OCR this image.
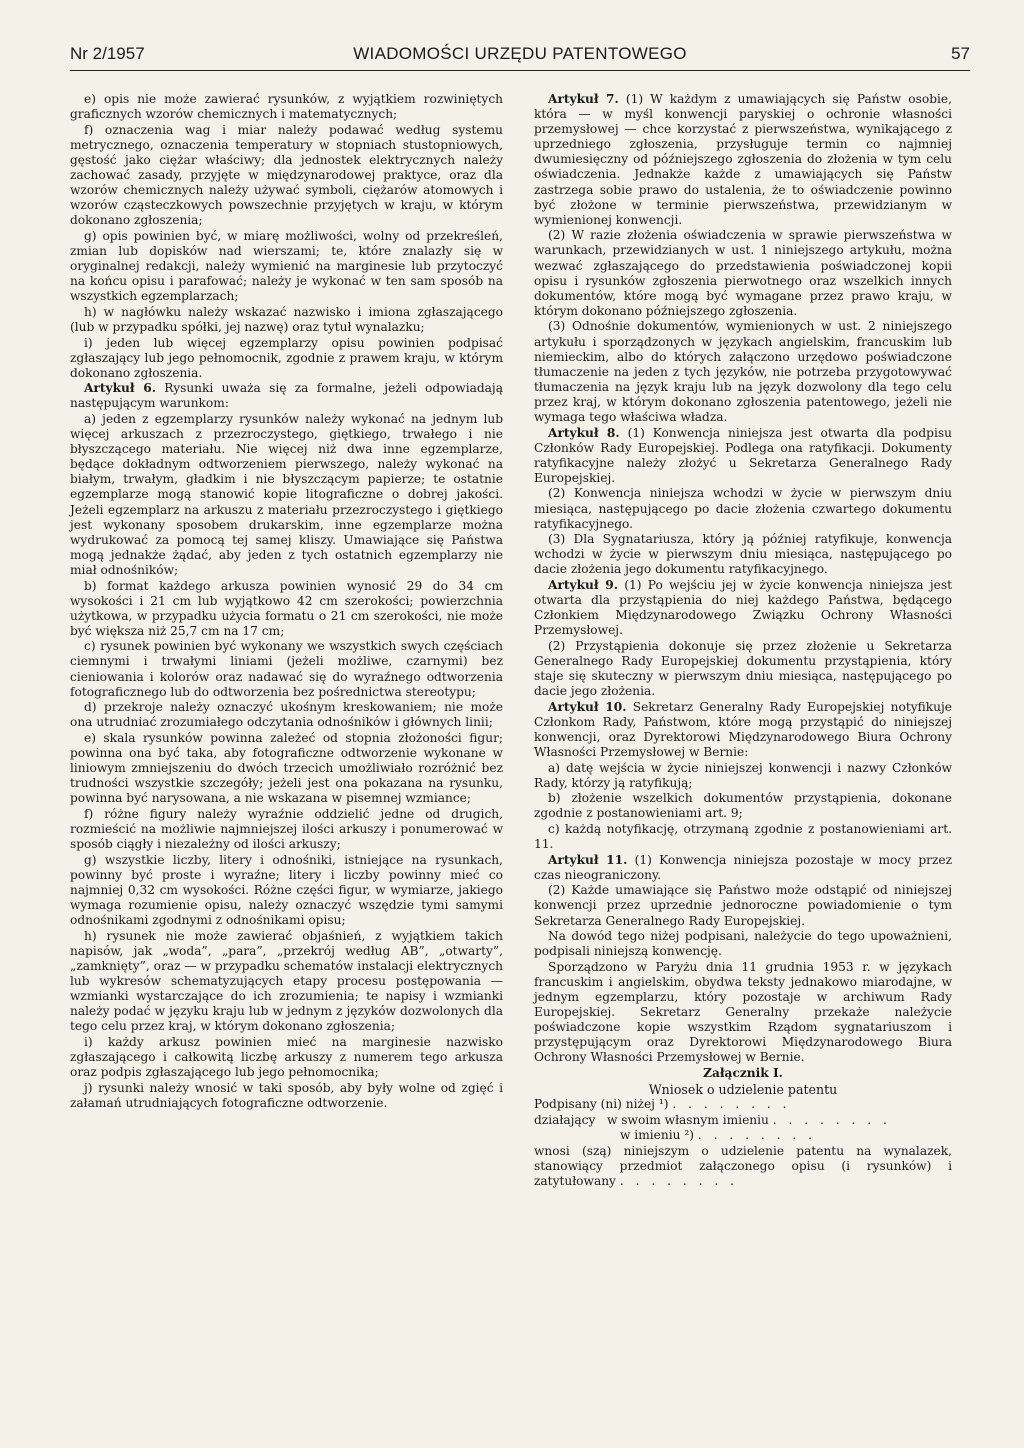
Nr 2/1957	WIADOMOŚCI URZĘDU PATENTOWEGO	57

e) opis nie może zawierać rysunków, z wyjątkiem rozwiniętych graficznych wzorów chemicznych i matematycznych;

f) oznaczenia wag i miar należy podawać według systemu metrycznego, oznaczenia temperatury w stopniach stustopniowych, gęstość jako ciężar właściwy; dla jednostek elektrycznych należy zachować zasady, przyjęte w międzynarodowej praktyce, oraz dla wzorów chemicznych należy używać symboli, ciężarów atomowych i wzorów cząsteczkowych powszechnie przyjętych w kraju, w którym dokonano zgłoszenia;

g) opis powinien być, w miarę możliwości, wolny od przekreśleń, zmian lub dopisków nad wierszami; te, które znalazły się w oryginalnej redakcji, należy wymienić na marginesie lub przytoczyć na końcu opisu i parafować; należy je wykonać w ten sam sposób na wszystkich egzemplarzach;

h) w nagłówku należy wskazać nazwisko i imiona zgłaszającego (lub w przypadku spółki, jej nazwę) oraz tytuł wynalazku;

i) jeden lub więcej egzemplarzy opisu powinien podpisać zgłaszający lub jego pełnomocnik, zgodnie z prawem kraju, w którym dokonano zgłoszenia.

Artykuł 6. Rysunki uważa się za formalne, jeżeli odpowiadają następującym warunkom:

a) jeden z egzemplarzy rysunków należy wykonać na jednym lub więcej arkuszach z przezroczystego, giętkiego, trwałego i nie błyszczącego materiału. Nie więcej niż dwa inne egzemplarze, będące dokładnym odtworzeniem pierwszego, należy wykonać na białym, trwałym, gładkim i nie błyszczącym papierze; te ostatnie egzemplarze mogą stanowić kopie litograficzne o dobrej jakości. Jeżeli egzemplarz na arkuszu z materiału przezroczystego i giętkiego jest wykonany sposobem drukarskim, inne egzemplarze można wydrukować za pomocą tej samej kliszy. Umawiające się Państwa mogą jednakże żądać, aby jeden z tych ostatnich egzemplarzy nie miał odnośników;

b) format każdego arkusza powinien wynosić 29 do 34 cm wysokości i 21 cm lub wyjątkowo 42 cm szerokości; powierzchnia użytkowa, w przypadku użycia formatu o 21 cm szerokości, nie może być większa niż 25,7 cm na 17 cm;

c) rysunek powinien być wykonany we wszystkich swych częściach ciemnymi i trwałymi liniami (jeżeli możliwe, czarnymi) bez cieniowania i kolorów oraz nadawać się do wyraźnego odtworzenia fotograficznego lub do odtworzenia bez pośrednictwa stereotypu;

d) przekroje należy oznaczyć ukośnym kreskowaniem; nie może ona utrudniać zrozumiałego odczytania odnośników i głównych linii;

e) skala rysunków powinna zależeć od stopnia złożoności figur; powinna ona być taka, aby fotograficzne odtworzenie wykonane w liniowym zmniejszeniu do dwóch trzecich umożliwiało rozróżnić bez trudności wszystkie szczegóły; jeżeli jest ona pokazana na rysunku, powinna być narysowana, a nie wskazana w pisemnej wzmiance;

f) różne figury należy wyraźnie oddzielić jedne od drugich, rozmieścić na możliwie najmniejszej ilości arkuszy i ponumerować w sposób ciągły i niezależny od ilości arkuszy;

g) wszystkie liczby, litery i odnośniki, istniejące na rysunkach, powinny być proste i wyraźne; litery i liczby powinny mieć co najmniej 0,32 cm wysokości. Różne części figur, w wymiarze, jakiego wymaga rozumienie opisu, należy oznaczyć wszędzie tymi samymi odnośnikami zgodnymi z odnośnikami opisu;

h) rysunek nie może zawierać objaśnień, z wyjątkiem takich napisów, jak „woda”, „para”, „przekrój według AB”, „otwarty”, „zamknięty”, oraz — w przypadku schematów instalacji elektrycznych lub wykresów schematyzujących etapy procesu postępowania — wzmianki wystarczające do ich zrozumienia; te napisy i wzmianki należy podać w języku kraju lub w jednym z języków dozwolonych dla tego celu przez kraj, w którym dokonano zgłoszenia;

i) każdy arkusz powinien mieć na marginesie nazwisko zgłaszającego i całkowitą liczbę arkuszy z numerem tego arkusza oraz podpis zgłaszającego lub jego pełnomocnika;

j) rysunki należy wnosić w taki sposób, aby były wolne od zgięć i załamań utrudniających fotograficzne odtworzenie.

Artykuł 7. (1) W każdym z umawiających się Państw osobie, która — w myśl konwencji paryskiej o ochronie własności przemysłowej — chce korzystać z pierwszeństwa, wynikającego z uprzedniego zgłoszenia, przysługuje termin co najmniej dwumiesięczny od późniejszego zgłoszenia do złożenia w tym celu oświadczenia. Jednakże każde z umawiających się Państw zastrzega sobie prawo do ustalenia, że to oświadczenie powinno być złożone w terminie pierwszeństwa, przewidzianym w wymienionej konwencji.

(2) W razie złożenia oświadczenia w sprawie pierwszeństwa w warunkach, przewidzianych w ust. 1 niniejszego artykułu, można wezwać zgłaszającego do przedstawienia poświadczonej kopii opisu i rysunków zgłoszenia pierwotnego oraz wszelkich innych dokumentów, które mogą być wymagane przez prawo kraju, w którym dokonano późniejszego zgłoszenia.

(3) Odnośnie dokumentów, wymienionych w ust. 2 niniejszego artykułu i sporządzonych w językach angielskim, francuskim lub niemieckim, albo do których załączono urzędowo poświadczone tłumaczenie na jeden z tych języków, nie potrzeba przygotowywać tłumaczenia na język kraju lub na język dozwolony dla tego celu przez kraj, w którym dokonano zgłoszenia patentowego, jeżeli nie wymaga tego właściwa władza.

Artykuł 8. (1) Konwencja niniejsza jest otwarta dla podpisu Członków Rady Europejskiej. Podlega ona ratyfikacji. Dokumenty ratyfikacyjne należy złożyć u Sekretarza Generalnego Rady Europejskiej.

(2) Konwencja niniejsza wchodzi w życie w pierwszym dniu miesiąca, następującego po dacie złożenia czwartego dokumentu ratyfikacyjnego.

(3) Dla Sygnatariusza, który ją później ratyfikuje, konwencja wchodzi w życie w pierwszym dniu miesiąca, następującego po dacie złożenia jego dokumentu ratyfikacyjnego.

Artykuł 9. (1) Po wejściu jej w życie konwencja niniejsza jest otwarta dla przystąpienia do niej każdego Państwa, będącego Członkiem Międzynarodowego Związku Ochrony Własności Przemysłowej.

(2) Przystąpienia dokonuje się przez złożenie u Sekretarza Generalnego Rady Europejskiej dokumentu przystąpienia, który staje się skuteczny w pierwszym dniu miesiąca, następującego po dacie jego złożenia.

Artykuł 10. Sekretarz Generalny Rady Europejskiej notyfikuje Członkom Rady, Państwom, które mogą przystąpić do niniejszej konwencji, oraz Dyrektorowi Międzynarodowego Biura Ochrony Własności Przemysłowej w Bernie:

a) datę wejścia w życie niniejszej konwencji i nazwy Członków Rady, którzy ją ratyfikują;

b) złożenie wszelkich dokumentów przystąpienia, dokonane zgodnie z postanowieniami art. 9;

c) każdą notyfikację, otrzymaną zgodnie z postanowieniami art. 11.

Artykuł 11. (1) Konwencja niniejsza pozostaje w mocy przez czas nieograniczony.

(2) Każde umawiające się Państwo może odstąpić od niniejszej konwencji przez uprzednie jednoroczne powiadomienie o tym Sekretarza Generalnego Rady Europejskiej.

Na dowód tego niżej podpisani, należycie do tego upoważnieni, podpisali niniejszą konwencję.

Sporządzono w Paryżu dnia 11 grudnia 1953 r. w językach francuskim i angielskim, obydwa teksty jednakowo miarodajne, w jednym egzemplarzu, który pozostaje w archiwum Rady Europejskiej. Sekretarz Generalny przekaże należycie poświadczone kopie wszystkim Rządom sygnatariuszom i przystępującym oraz Dyrektorowi Międzynarodowego Biura Ochrony Własności Przemysłowej w Bernie.

Załącznik I.

Wniosek o udzielenie patentu

Podpisany (ni) niżej ¹) . . . . . . . .

działający w swoim własnym imieniu . . . . . . . .

w imieniu ²) . . . . . . . .

wnosi (szą) niniejszym o udzielenie patentu na wynalazek, stanowiący przedmiot załączonego opisu (i rysunków) i zatytułowany . . . . . . . .
